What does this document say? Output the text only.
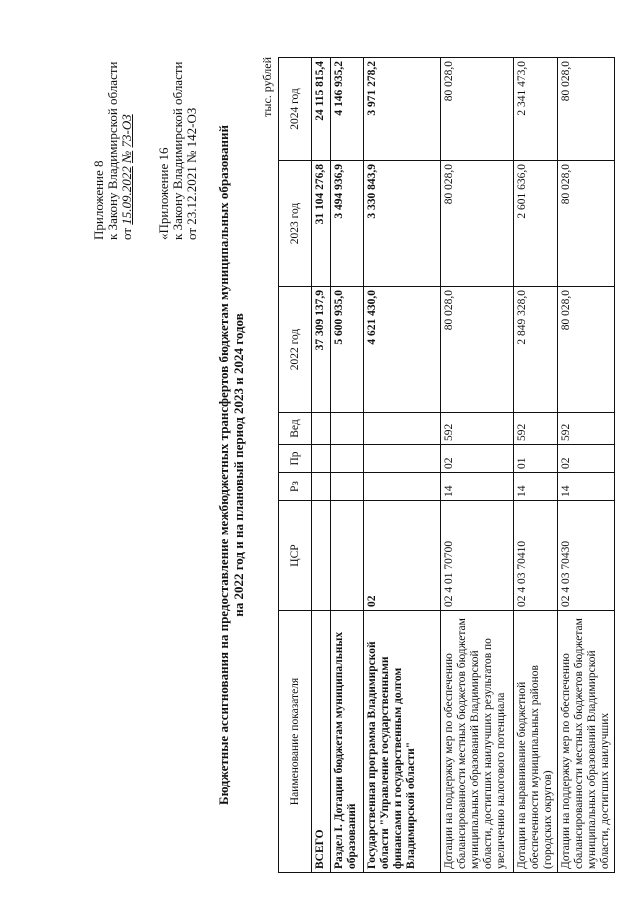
Приложение 8 к Закону Владимирской области от 15.09.2022 № 73-ОЗ
«Приложение 16 к Закону Владимирской области от 23.12.2021 № 142-ОЗ Бюджетные ассигнования на предоставление межбюджетных трансфертов бюджетам муниципальных образований на 2022 год и на плановый период 2023 и 2024 годов
тыс. рублей
Наименование показателя	ЦСР	Рз	Пр	Вед	2022 год	2023 год	2024 год
ВСЕГО					37 309 137,9	31 104 276,8	24 115 815,4
Раздел I. Дотации бюджетам муниципальных образований					5 600 935,0	3 494 936,9	4 146 935,2
Государственная программа Владимирской области "Управление государственными финансами и государственным долгом Владимирской области"	02				4 621 430,0	3 330 843,9	3 971 278,2
Дотации на поддержку мер по обеспечению сбалансированности местных бюджетов бюджетам муниципальных образований Владимирской области, достигших наилучших результатов по увеличению налогового потенциала	02 4 01 70700	14	02	592	80 028,0	80 028,0	80 028,0
Дотации на выравнивание бюджетной обеспеченности муниципальных районов (городских округов)	02 4 03 70410	14	01	592	2 849 328,0	2 601 636,0	2 341 473,0
Дотации на поддержку мер по обеспечению сбалансированности местных бюджетов бюджетам муниципальных образований Владимирской области, достигших наилучших	02 4 03 70430	14	02	592	80 028,0	80 028,0	80 028,0
